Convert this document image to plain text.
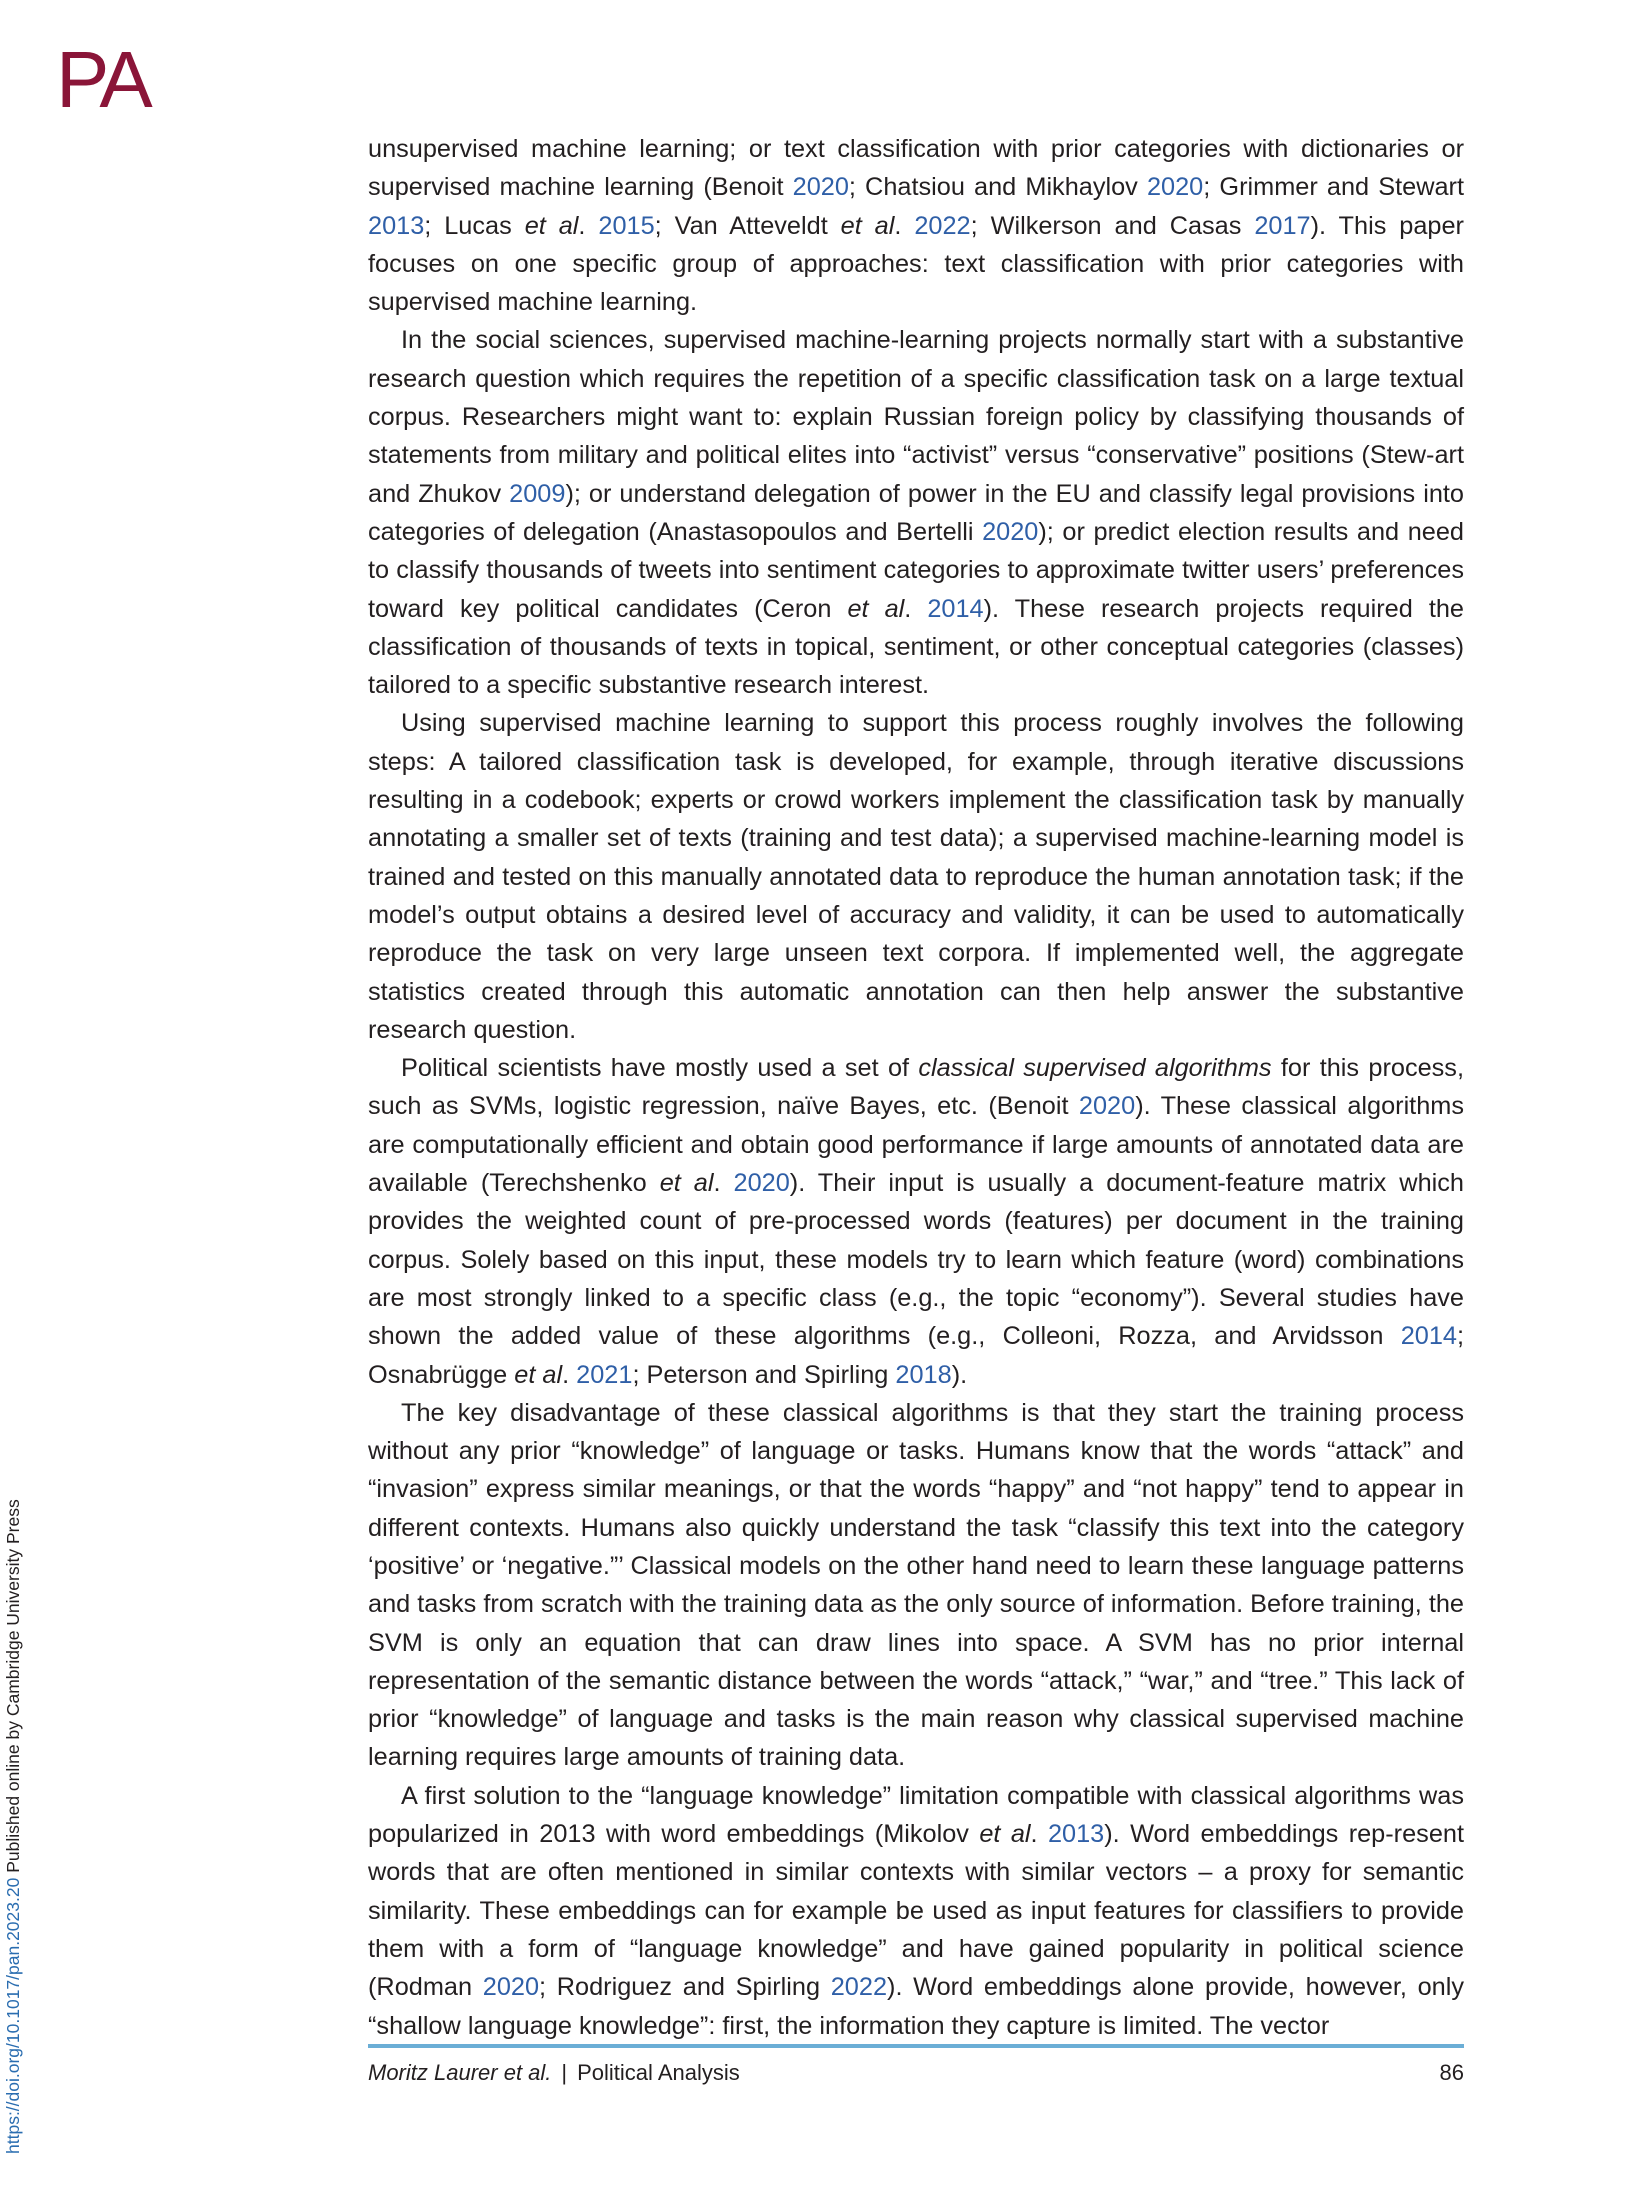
PA
https://doi.org/10.1017/pan.2023.20 Published online by Cambridge University Press

unsupervised machine learning; or text classification with prior categories with dictionaries or supervised machine learning (Benoit 2020; Chatsiou and Mikhaylov 2020; Grimmer and Stewart 2013; Lucas et al. 2015; Van Atteveldt et al. 2022; Wilkerson and Casas 2017). This paper focuses on one specific group of approaches: text classification with prior categories with supervised machine learning.

In the social sciences, supervised machine-learning projects normally start with a substantive research question which requires the repetition of a specific classification task on a large textual corpus. Researchers might want to: explain Russian foreign policy by classifying thousands of statements from military and political elites into “activist” versus “conservative” positions (Stew-art and Zhukov 2009); or understand delegation of power in the EU and classify legal provisions into categories of delegation (Anastasopoulos and Bertelli 2020); or predict election results and need to classify thousands of tweets into sentiment categories to approximate twitter users’ preferences toward key political candidates (Ceron et al. 2014). These research projects required the classification of thousands of texts in topical, sentiment, or other conceptual categories (classes) tailored to a specific substantive research interest.

Using supervised machine learning to support this process roughly involves the following steps: A tailored classification task is developed, for example, through iterative discussions resulting in a codebook; experts or crowd workers implement the classification task by manually annotating a smaller set of texts (training and test data); a supervised machine-learning model is trained and tested on this manually annotated data to reproduce the human annotation task; if the model’s output obtains a desired level of accuracy and validity, it can be used to automatically reproduce the task on very large unseen text corpora. If implemented well, the aggregate statistics created through this automatic annotation can then help answer the substantive research question.

Political scientists have mostly used a set of classical supervised algorithms for this process, such as SVMs, logistic regression, naïve Bayes, etc. (Benoit 2020). These classical algorithms are computationally efficient and obtain good performance if large amounts of annotated data are available (Terechshenko et al. 2020). Their input is usually a document-feature matrix which provides the weighted count of pre-processed words (features) per document in the training corpus. Solely based on this input, these models try to learn which feature (word) combinations are most strongly linked to a specific class (e.g., the topic “economy”). Several studies have shown the added value of these algorithms (e.g., Colleoni, Rozza, and Arvidsson 2014; Osnabrügge et al. 2021; Peterson and Spirling 2018).

The key disadvantage of these classical algorithms is that they start the training process without any prior “knowledge” of language or tasks. Humans know that the words “attack” and “invasion” express similar meanings, or that the words “happy” and “not happy” tend to appear in different contexts. Humans also quickly understand the task “classify this text into the category ‘positive’ or ‘negative.”’ Classical models on the other hand need to learn these language patterns and tasks from scratch with the training data as the only source of information. Before training, the SVM is only an equation that can draw lines into space. A SVM has no prior internal representation of the semantic distance between the words “attack,” “war,” and “tree.” This lack of prior “knowledge” of language and tasks is the main reason why classical supervised machine learning requires large amounts of training data.

A first solution to the “language knowledge” limitation compatible with classical algorithms was popularized in 2013 with word embeddings (Mikolov et al. 2013). Word embeddings rep-resent words that are often mentioned in similar contexts with similar vectors – a proxy for semantic similarity. These embeddings can for example be used as input features for classifiers to provide them with a form of “language knowledge” and have gained popularity in political science (Rodman 2020; Rodriguez and Spirling 2022). Word embeddings alone provide, however, only “shallow language knowledge”: first, the information they capture is limited. The vector

Moritz Laurer et al. | Political Analysis	86
